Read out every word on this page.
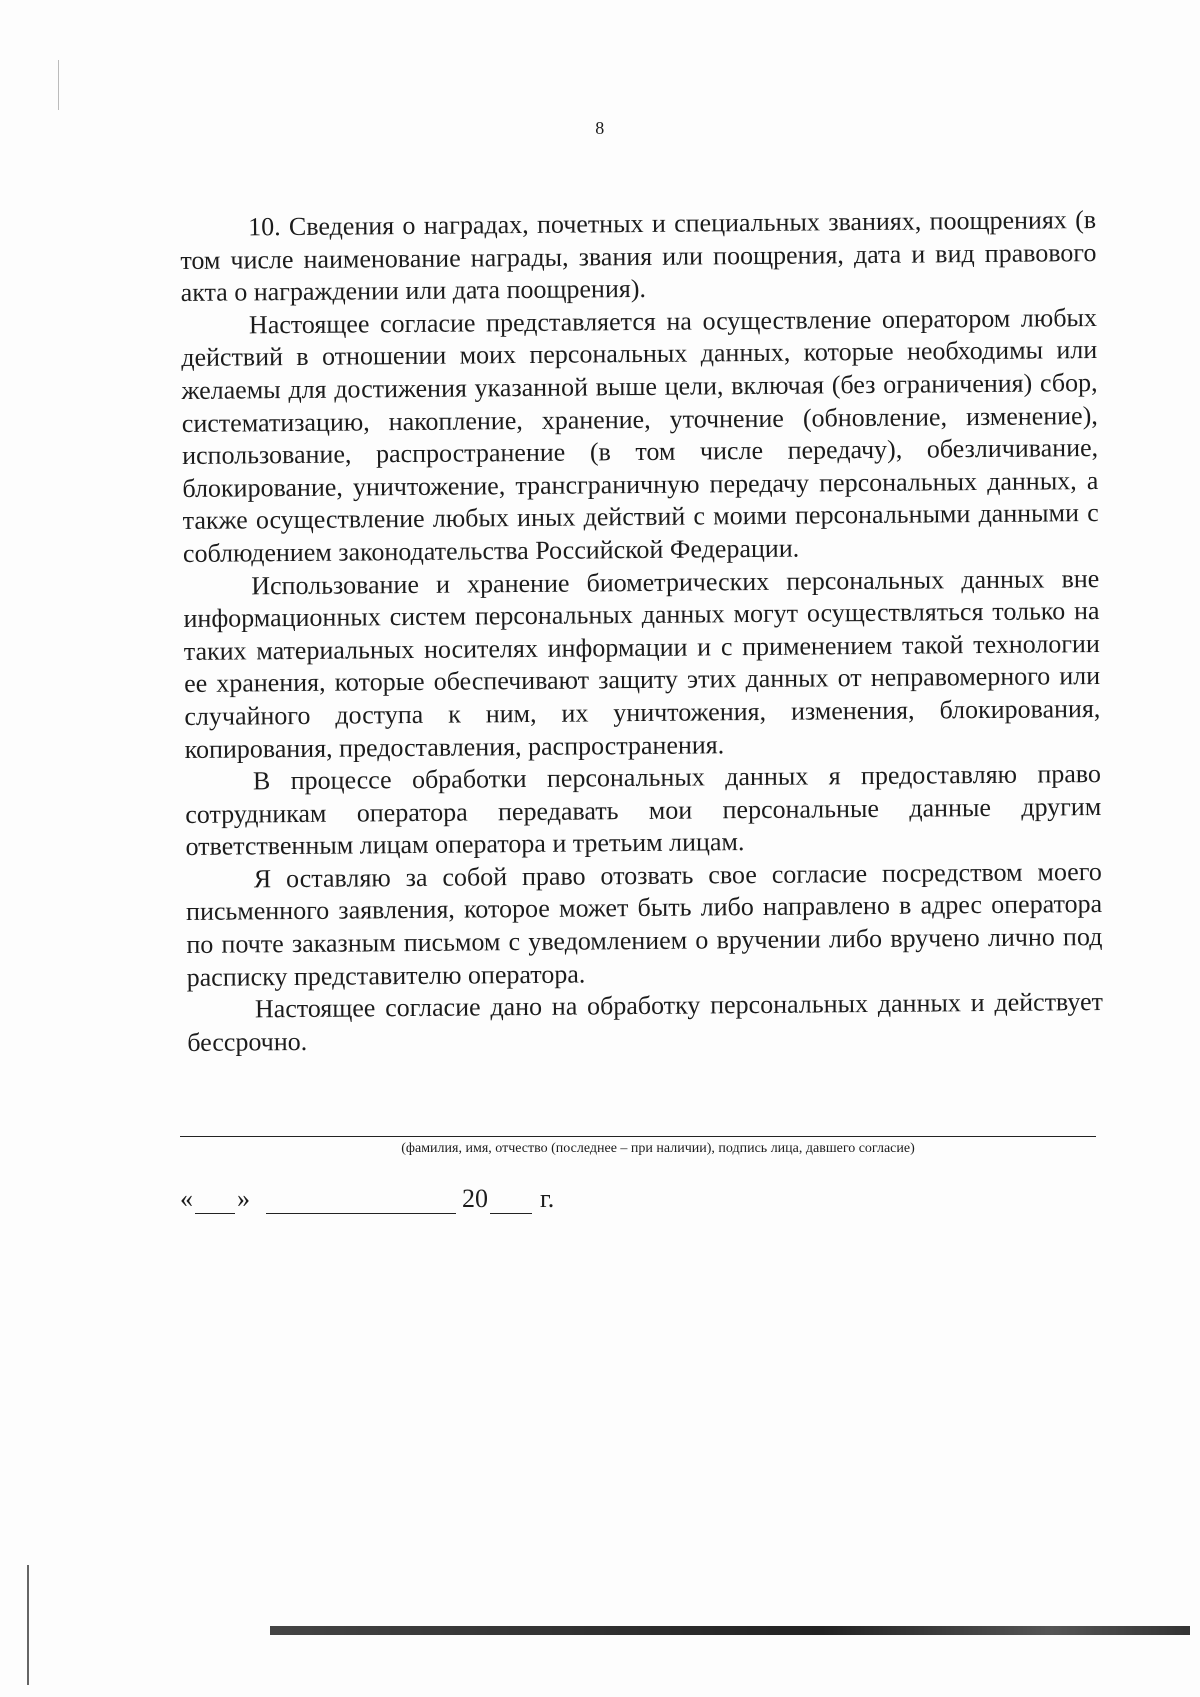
8

10. Сведения о наградах, почетных и специальных званиях, поощрениях (в том числе наименование награды, звания или поощрения, дата и вид правового акта о награждении или дата поощрения).

Настоящее согласие представляется на осуществление оператором любых действий в отношении моих персональных данных, которые необходимы или желаемы для достижения указанной выше цели, включая (без ограничения) сбор, систематизацию, накопление, хранение, уточнение (обновление, изменение), использование, распространение (в том числе передачу), обезличивание, блокирование, уничтожение, трансграничную передачу персональных данных, а также осуществление любых иных действий с моими персональными данными с соблюдением законодательства Российской Федерации.

Использование и хранение биометрических персональных данных вне информационных систем персональных данных могут осуществляться только на таких материальных носителях информации и с применением такой технологии ее хранения, которые обеспечивают защиту этих данных от неправомерного или случайного доступа к ним, их уничтожения, изменения, блокирования, копирования, предоставления, распространения.

В процессе обработки персональных данных я предоставляю право сотрудникам оператора передавать мои персональные данные другим ответственным лицам оператора и третьим лицам.

Я оставляю за собой право отозвать свое согласие посредством моего письменного заявления, которое может быть либо направлено в адрес оператора по почте заказным письмом с уведомлением о вручении либо вручено лично под расписку представителю оператора.

Настоящее согласие дано на обработку персональных данных и действует бессрочно.

(фамилия, имя, отчество (последнее – при наличии), подпись лица, давшего согласие)
« »	20 г.
